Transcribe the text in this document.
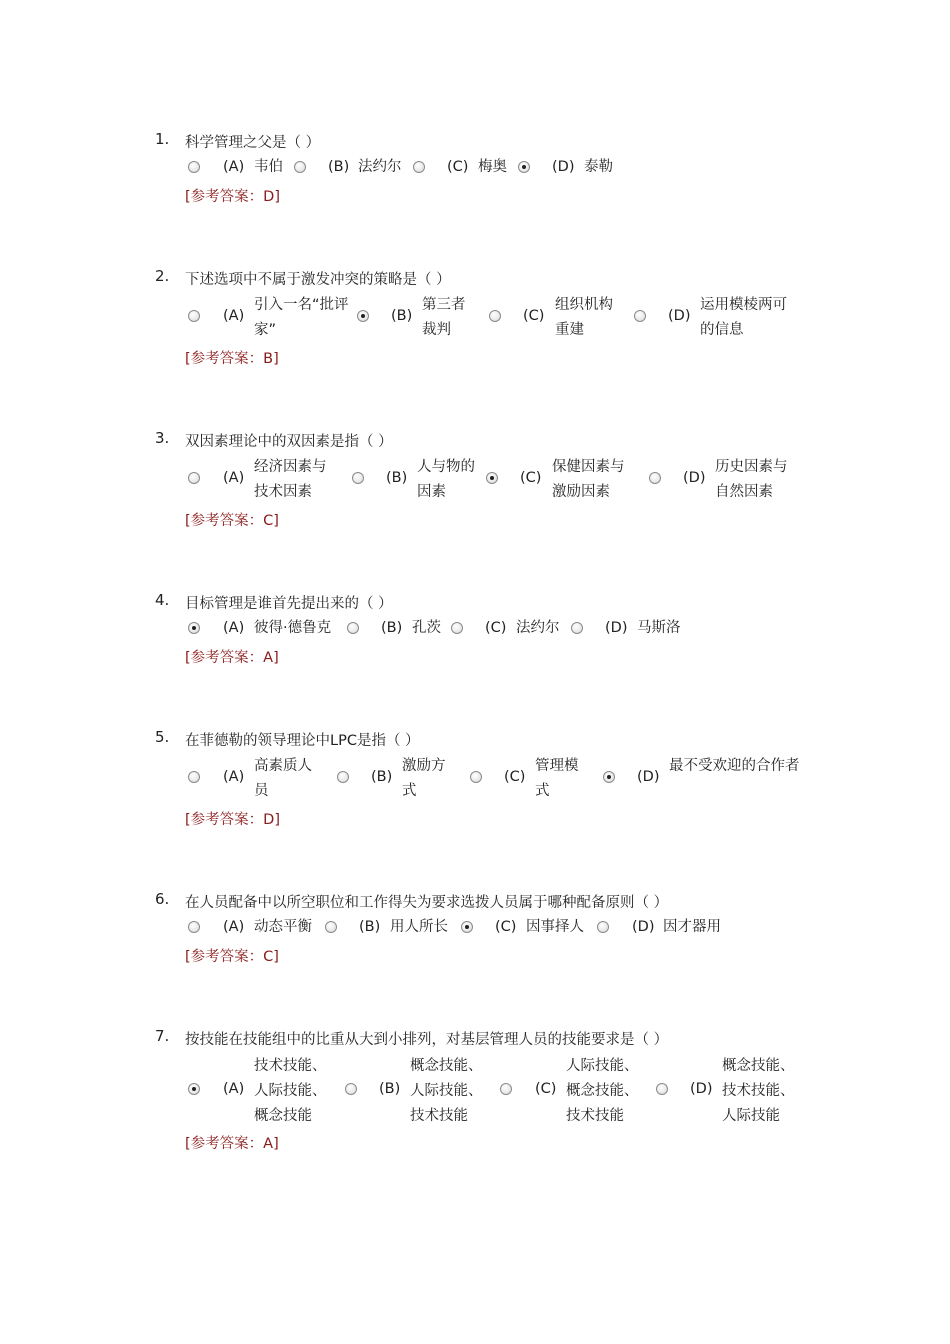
1. 科学管理之父是（ ）
(A) 韦伯	(B) 法约尔	(C) 梅奥	(D) 泰勒
[参考答案：D]
2. 下述选项中不属于激发冲突的策略是（ ）
(A)
引入一名“批评家”
(B)
第三者裁判
(C)
组织机构重建
(D)
运用模棱两可的信息
[参考答案：B]
3. 双因素理论中的双因素是指（ ）
(A)
经济因素与技术因素
(B)
人与物的因素
(C)
保健因素与激励因素
(D)
历史因素与自然因素
[参考答案：C]
4. 目标管理是谁首先提出来的（ ）
(A) 彼得·德鲁克	(B) 孔茨	(C) 法约尔	(D) 马斯洛
[参考答案：A]
5. 在菲德勒的领导理论中LPC是指（ ）
(A)
高素质人员
(B)
激励方式
(C)
管理模式
(D)
最不受欢迎的合作者
[参考答案：D]
6. 在人员配备中以所空职位和工作得失为要求选拨人员属于哪种配备原则（ ）
(A) 动态平衡	(B) 用人所长	(C) 因事择人	(D) 因才器用
[参考答案：C]
7. 按技能在技能组中的比重从大到小排列，对基层管理人员的技能要求是（ ）
(A)
技术技能、人际技能、概念技能
(B)
概念技能、人际技能、技术技能
(C)
人际技能、概念技能、技术技能
(D)
概念技能、技术技能、人际技能
[参考答案：A]
